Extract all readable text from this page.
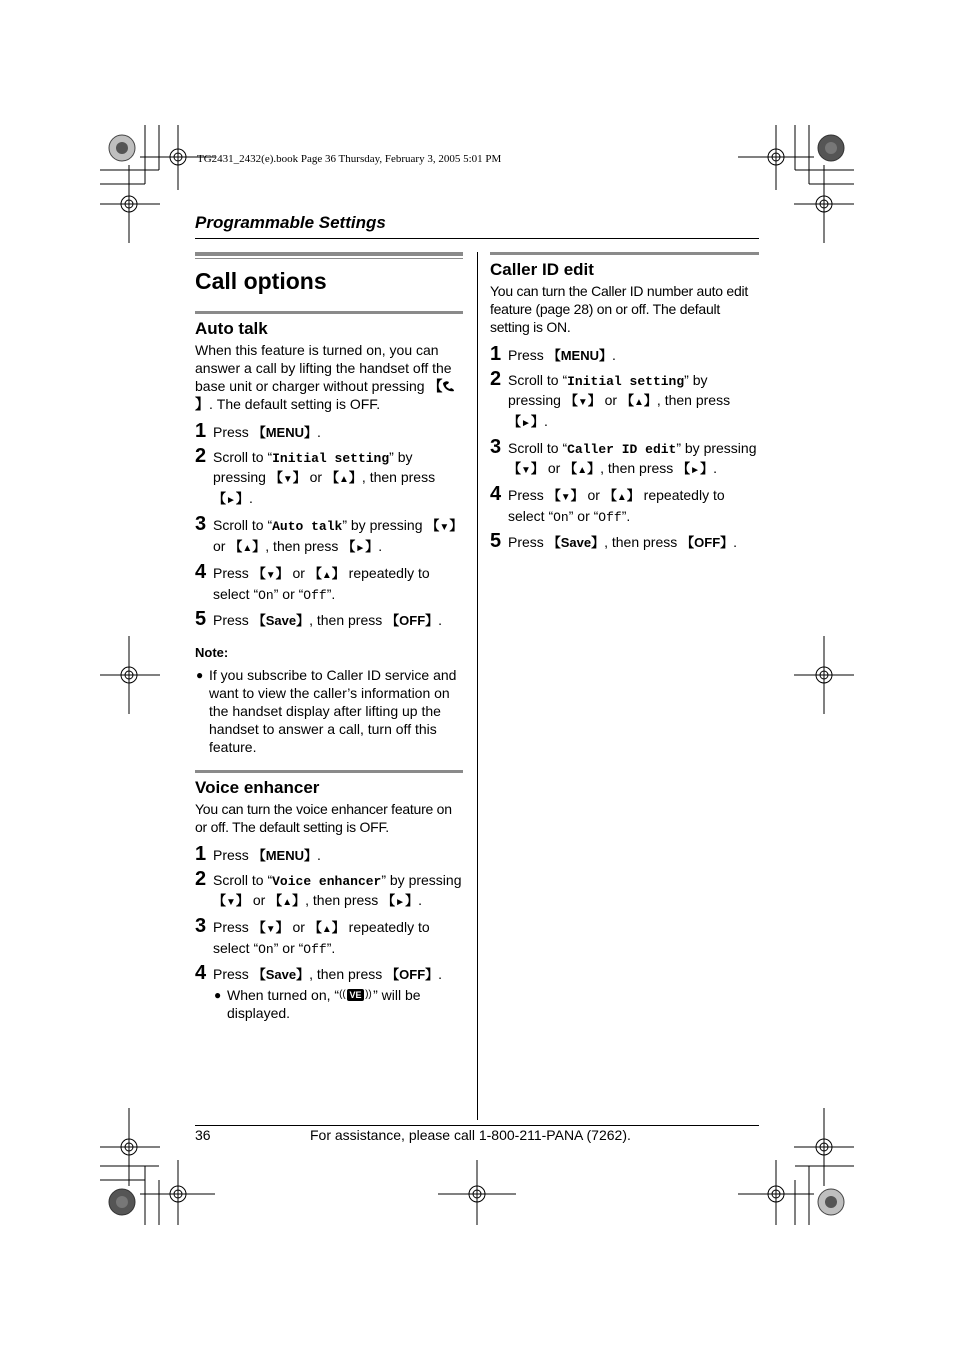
TG2431_2432(e).book Page 36 Thursday, February 3, 2005 5:01 PM
Programmable Settings
Call options
Auto talk

When this feature is turned on, you can answer a call by lifting the handset off the base unit or charger without pressing 【】. The default setting is OFF.

1 Press 【MENU】.
2 Scroll to “Initial setting” by pressing 【▼】 or 【▲】, then press 【►】.
3 Scroll to “Auto talk” by pressing 【▼】 or 【▲】, then press 【►】.
4 Press 【▼】 or 【▲】 repeatedly to select “On” or “Off”.
5 Press 【Save】, then press 【OFF】.
Note:
● If you subscribe to Caller ID service and want to view the caller’s information on the handset display after lifting up the handset to answer a call, turn off this feature.
Voice enhancer

You can turn the voice enhancer feature on or off. The default setting is OFF.

1 Press 【MENU】.
2 Scroll to “Voice enhancer” by pressing 【▼】 or 【▲】, then press 【►】.
3 Press 【▼】 or 【▲】 repeatedly to select “On” or “Off”.
4 Press 【Save】, then press 【OFF】.
● When turned on, “ (( VE )) ” will be displayed.
Caller ID edit

You can turn the Caller ID number auto edit feature (page 28) on or off. The default setting is ON.

1 Press 【MENU】.
2 Scroll to “Initial setting” by pressing 【▼】 or 【▲】, then press 【►】.
3 Scroll to “Caller ID edit” by pressing 【▼】 or 【▲】, then press 【►】.
4 Press 【▼】 or 【▲】 repeatedly to select “On” or “Off”.
5 Press 【Save】, then press 【OFF】.
36	For assistance, please call 1-800-211-PANA (7262).
